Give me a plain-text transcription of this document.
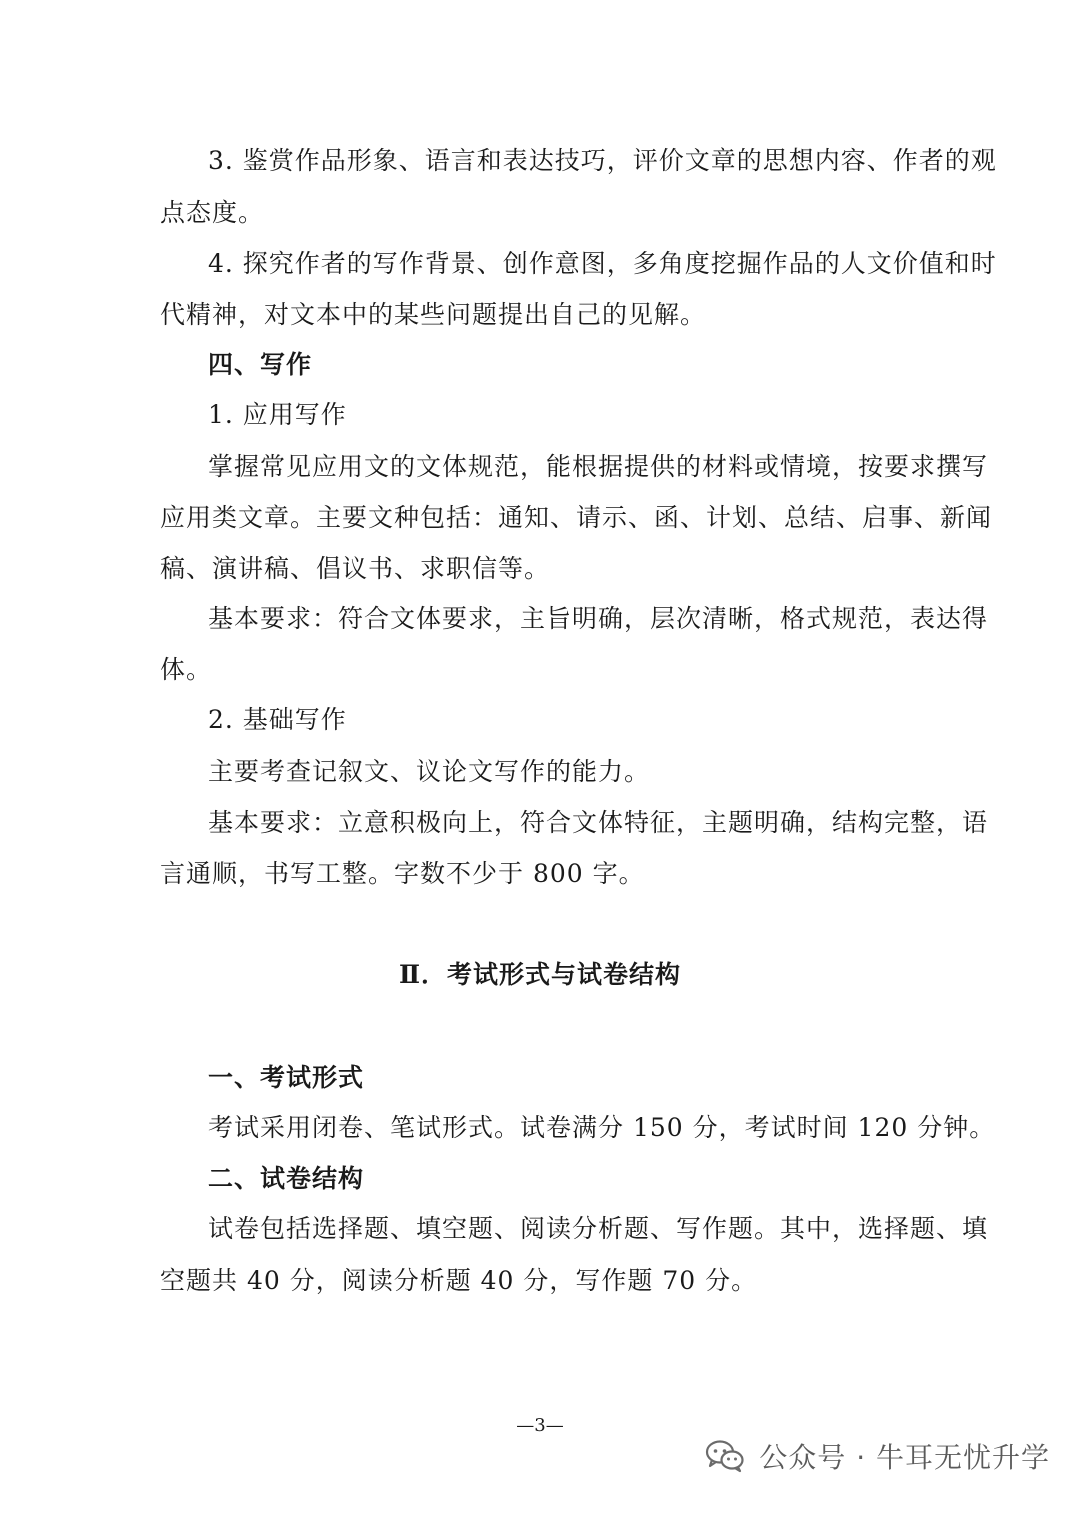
3. 鉴赏作品形象、语言和表达技巧，评价文章的思想内容、作者的观
点态度。
4. 探究作者的写作背景、创作意图，多角度挖掘作品的人文价值和时
代精神，对文本中的某些问题提出自己的见解。
四、写作
1. 应用写作
掌握常见应用文的文体规范，能根据提供的材料或情境，按要求撰写
应用类文章。主要文种包括：通知、请示、函、计划、总结、启事、新闻
稿、演讲稿、倡议书、求职信等。
基本要求：符合文体要求，主旨明确，层次清晰，格式规范，表达得
体。
2. 基础写作
主要考查记叙文、议论文写作的能力。
基本要求：立意积极向上，符合文体特征，主题明确，结构完整，语
言通顺，书写工整。字数不少于 800 字。
Ⅱ．考试形式与试卷结构
一、考试形式
考试采用闭卷、笔试形式。试卷满分 150 分，考试时间 120 分钟。
二、试卷结构
试卷包括选择题、填空题、阅读分析题、写作题。其中，选择题、填
空题共 40 分，阅读分析题 40 分，写作题 70 分。
—3—
公众号 · 牛耳无忧升学
